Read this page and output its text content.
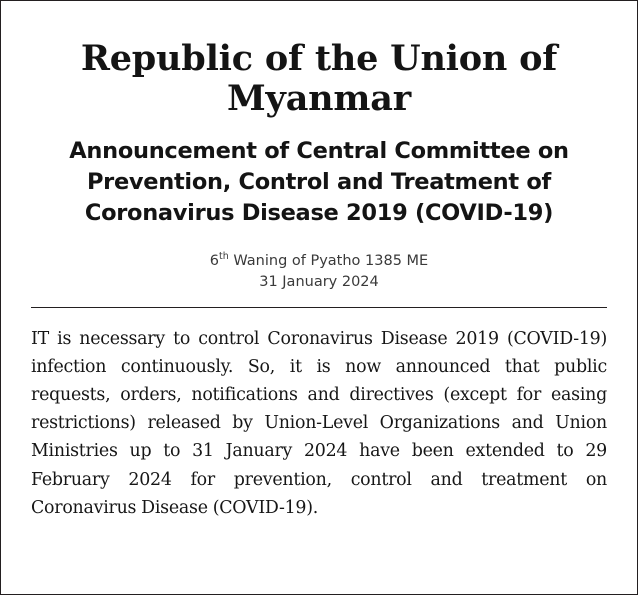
Republic of the Union of Myanmar
Announcement of Central Committee on Prevention, Control and Treatment of Coronavirus Disease 2019 (COVID-19)
6th Waning of Pyatho 1385 ME
31 January 2024
IT is necessary to control Coronavirus Disease 2019 (COVID-19) infection continuously. So, it is now announced that public requests, orders, notifications and directives (except for easing restrictions) released by Union-Level Organizations and Union Ministries up to 31 January 2024 have been extended to 29 February 2024 for prevention, control and treatment on Coronavirus Disease (COVID-19).
